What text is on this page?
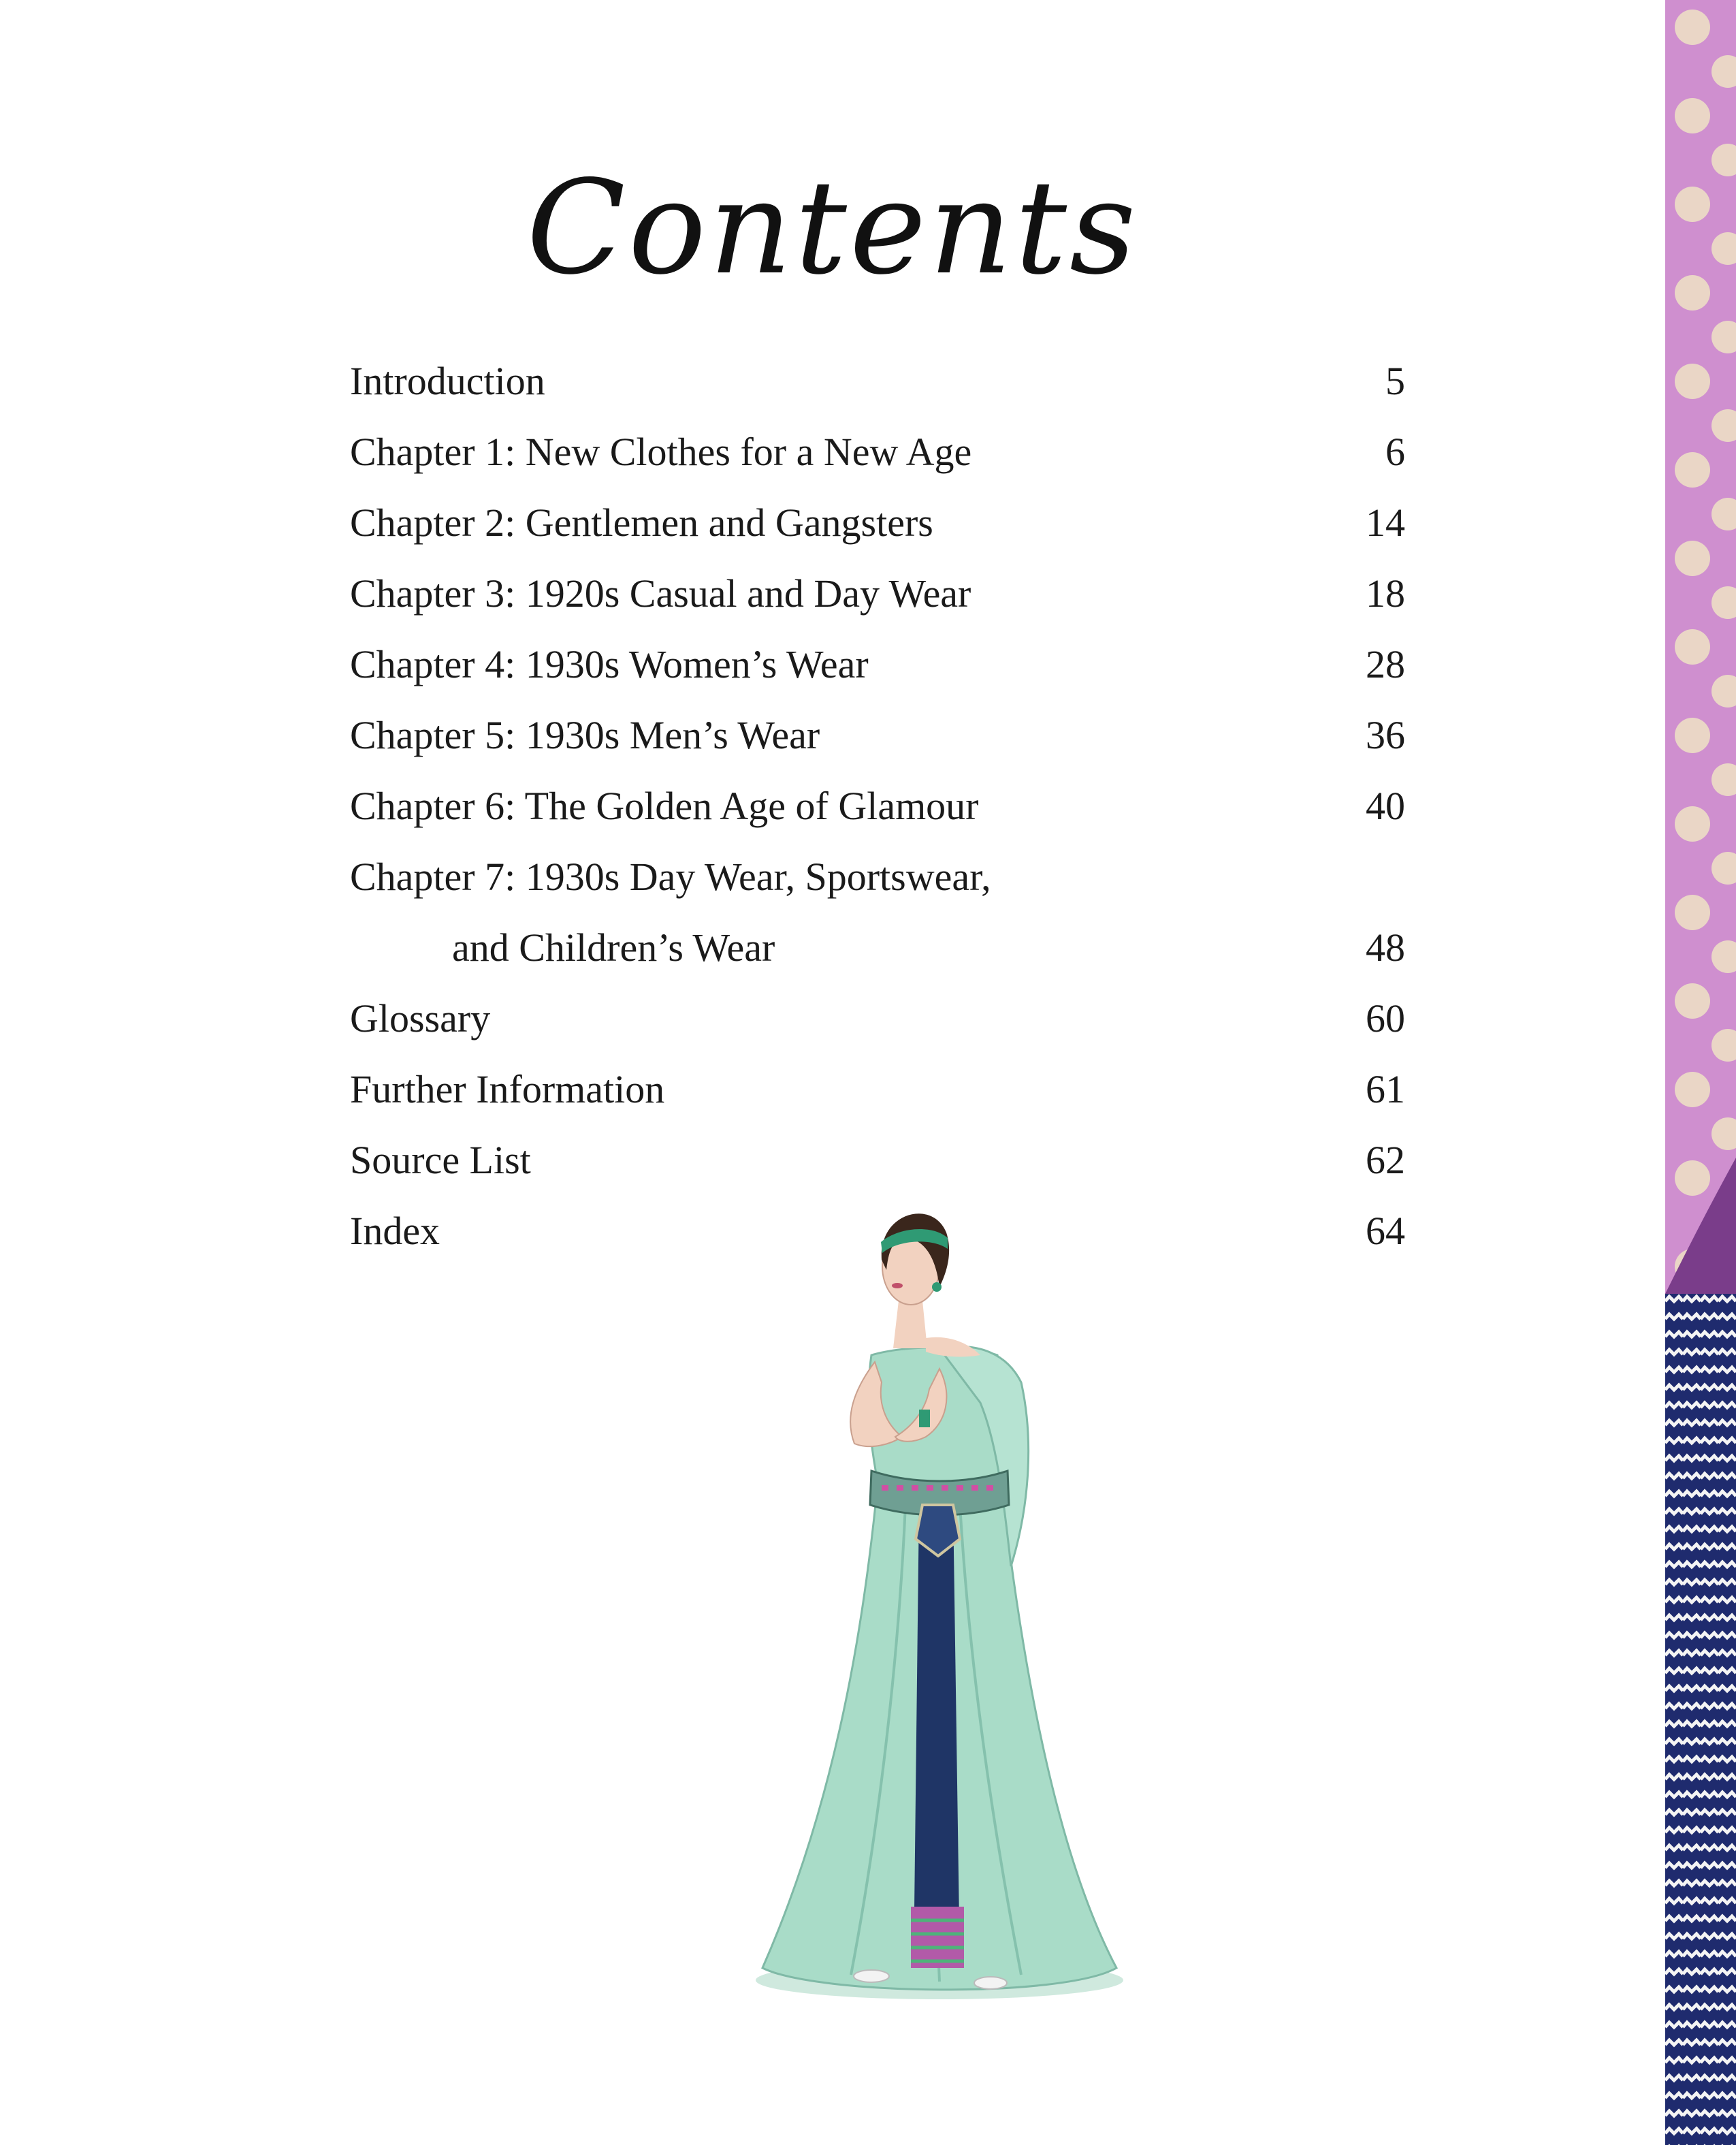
Contents
Introduction	5
Chapter 1: New Clothes for a New Age	6
Chapter 2: Gentlemen and Gangsters	14
Chapter 3: 1920s Casual and Day Wear	18
Chapter 4: 1930s Women’s Wear	28
Chapter 5: 1930s Men’s Wear	36
Chapter 6: The Golden Age of Glamour	40
Chapter 7: 1930s Day Wear, Sportswear,
and Children’s Wear	48
Glossary	60
Further Information	61
Source List	62
Index	64
